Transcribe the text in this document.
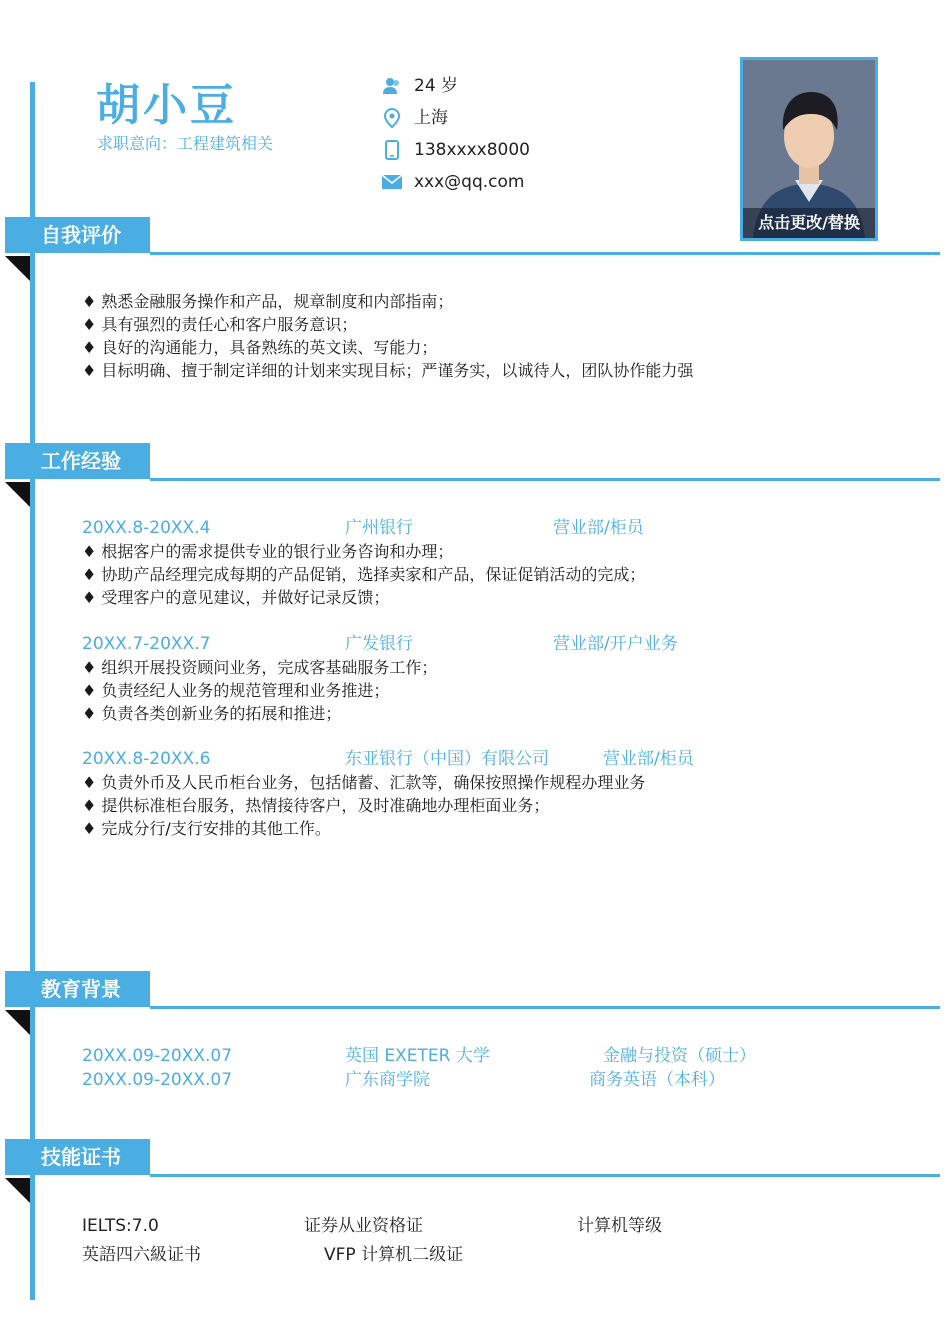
胡小豆
求职意向：工程建筑相关
24 岁
上海
138xxxx8000
xxx@qq.com
点击更改/替换
自我评价
♦ 熟悉金融服务操作和产品，规章制度和内部指南；
♦ 具有强烈的责任心和客户服务意识；
♦ 良好的沟通能力，具备熟练的英文读、写能力；
♦ 目标明确、擅于制定详细的计划来实现目标；严谨务实，以诚待人，团队协作能力强
工作经验
20XX.8-20XX.4	广州银行	营业部/柜员
♦ 根据客户的需求提供专业的银行业务咨询和办理；
♦ 协助产品经理完成每期的产品促销，选择卖家和产品，保证促销活动的完成；
♦ 受理客户的意见建议，并做好记录反馈；
20XX.7-20XX.7	广发银行	营业部/开户业务
♦ 组织开展投资顾问业务，完成客基础服务工作；
♦ 负责经纪人业务的规范管理和业务推进；
♦ 负责各类创新业务的拓展和推进；
20XX.8-20XX.6	东亚银行（中国）有限公司	营业部/柜员
♦ 负责外币及人民币柜台业务，包括储蓄、汇款等，确保按照操作规程办理业务
♦ 提供标准柜台服务，热情接待客户，及时准确地办理柜面业务；
♦ 完成分行/支行安排的其他工作。
教育背景
20XX.09-20XX.07	英国 EXETER 大学	金融与投资（硕士）
20XX.09-20XX.07	广东商学院	商务英语（本科）
技能证书
IELTS:7.0	证券从业资格证	计算机等级
英語四六級证书	VFP 计算机二级证
